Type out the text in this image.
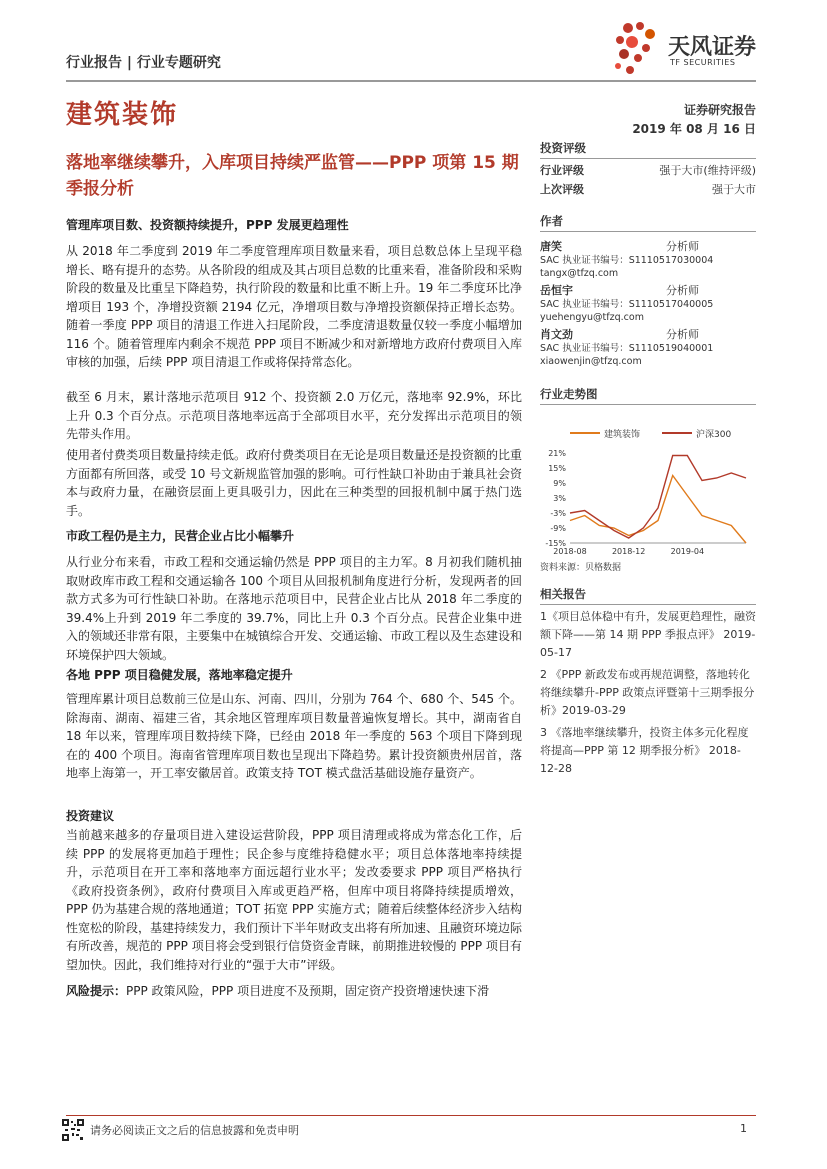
行业报告 | 行业专题研究
天风证券
TF SECURITIES
建筑装饰	证券研究报告
2019 年 08 月 16 日
落地率继续攀升，入库项目持续严监管——PPP 项第 15 期季报分析
管理库项目数、投资额持续提升，PPP 发展更趋理性
从 2018 年二季度到 2019 年二季度管理库项目数量来看，项目总数总体上呈现平稳增长、略有提升的态势。从各阶段的组成及其占项目总数的比重来看，准备阶段和采购阶段的数量及比重呈下降趋势，执行阶段的数量和比重不断上升。19 年二季度环比净增项目 193 个，净增投资额 2194 亿元，净增项目数与净增投资额保持正增长态势。随着一季度 PPP 项目的清退工作进入扫尾阶段，二季度清退数量仅较一季度小幅增加 116 个。随着管理库内剩余不规范 PPP 项目不断减少和对新增地方政府付费项目入库审核的加强，后续 PPP 项目清退工作或将保持常态化。
截至 6 月末，累计落地示范项目 912 个、投资额 2.0 万亿元，落地率 92.9%，环比上升 0.3 个百分点。示范项目落地率远高于全部项目水平，充分发挥出示范项目的领先带头作用。
使用者付费类项目数量持续走低。政府付费类项目在无论是项目数量还是投资额的比重方面都有所回落，或受 10 号文新规监管加强的影响。可行性缺口补助由于兼具社会资本与政府力量，在融资层面上更具吸引力，因此在三种类型的回报机制中属于热门选手。
市政工程仍是主力，民营企业占比小幅攀升
从行业分布来看，市政工程和交通运输仍然是 PPP 项目的主力军。8 月初我们随机抽取财政库市政工程和交通运输各 100 个项目从回报机制角度进行分析，发现两者的回款方式多为可行性缺口补助。在落地示范项目中，民营企业占比从 2018 年二季度的 39.4%上升到 2019 年二季度的 39.7%，同比上升 0.3 个百分点。民营企业集中进入的领域还非常有限，主要集中在城镇综合开发、交通运输、市政工程以及生态建设和环境保护四大领域。
各地 PPP 项目稳健发展，落地率稳定提升
管理库累计项目总数前三位是山东、河南、四川，分别为 764 个、680 个、545 个。除海南、湖南、福建三省，其余地区管理库项目数量普遍恢复增长。其中，湖南省自 18 年以来，管理库项目数持续下降，已经由 2018 年一季度的 563 个项目下降到现在的 400 个项目。海南省管理库项目数也呈现出下降趋势。累计投资额贵州居首，落地率上海第一，开工率安徽居首。政策支持 TOT 模式盘活基础设施存量资产。
投资建议
当前越来越多的存量项目进入建设运营阶段，PPP 项目清理或将成为常态化工作，后续 PPP 的发展将更加趋于理性；民企参与度维持稳健水平；项目总体落地率持续提升，示范项目在开工率和落地率方面远超行业水平；发改委要求 PPP 项目严格执行《政府投资条例》，政府付费项目入库或更趋严格，但库中项目将降持续提质增效，PPP 仍为基建合规的落地通道；TOT 拓宽 PPP 实施方式；随着后续整体经济步入结构性宽松的阶段，基建持续发力，我们预计下半年财政支出将有所加速、且融资环境边际有所改善，规范的 PPP 项目将会受到银行信贷资金青睐，前期推进较慢的 PPP 项目有望加快。因此，我们维持对行业的“强于大市”评级。
风险提示：PPP 政策风险，PPP 项目进度不及预期，固定资产投资增速快速下滑
投资评级
行业评级	强于大市(维持评级)
上次评级	强于大市
作者
唐笑	分析师
SAC 执业证书编号：S1110517030004
tangx@tfzq.com
岳恒宇	分析师
SAC 执业证书编号：S1110517040005
yuehengyu@tfzq.com
肖文劲	分析师
SAC 执业证书编号：S1110519040001
xiaowenjin@tfzq.com
行业走势图
建筑装饰	沪深300
21%
15%
9%
3%
-3%
-9%
-15%
2018-08	2018-12	2019-04
资料来源：贝格数据
相关报告
1《项目总体稳中有升，发展更趋理性，融资额下降——第 14 期 PPP 季报点评》 2019-05-17
2 《PPP 新政发布或再规范调整，落地转化将继续攀升-PPP 政策点评暨第十三期季报分析》2019-03-29
3 《落地率继续攀升，投资主体多元化程度将提高—PPP 第 12 期季报分析》 2018-12-28
请务必阅读正文之后的信息披露和免责申明	1
